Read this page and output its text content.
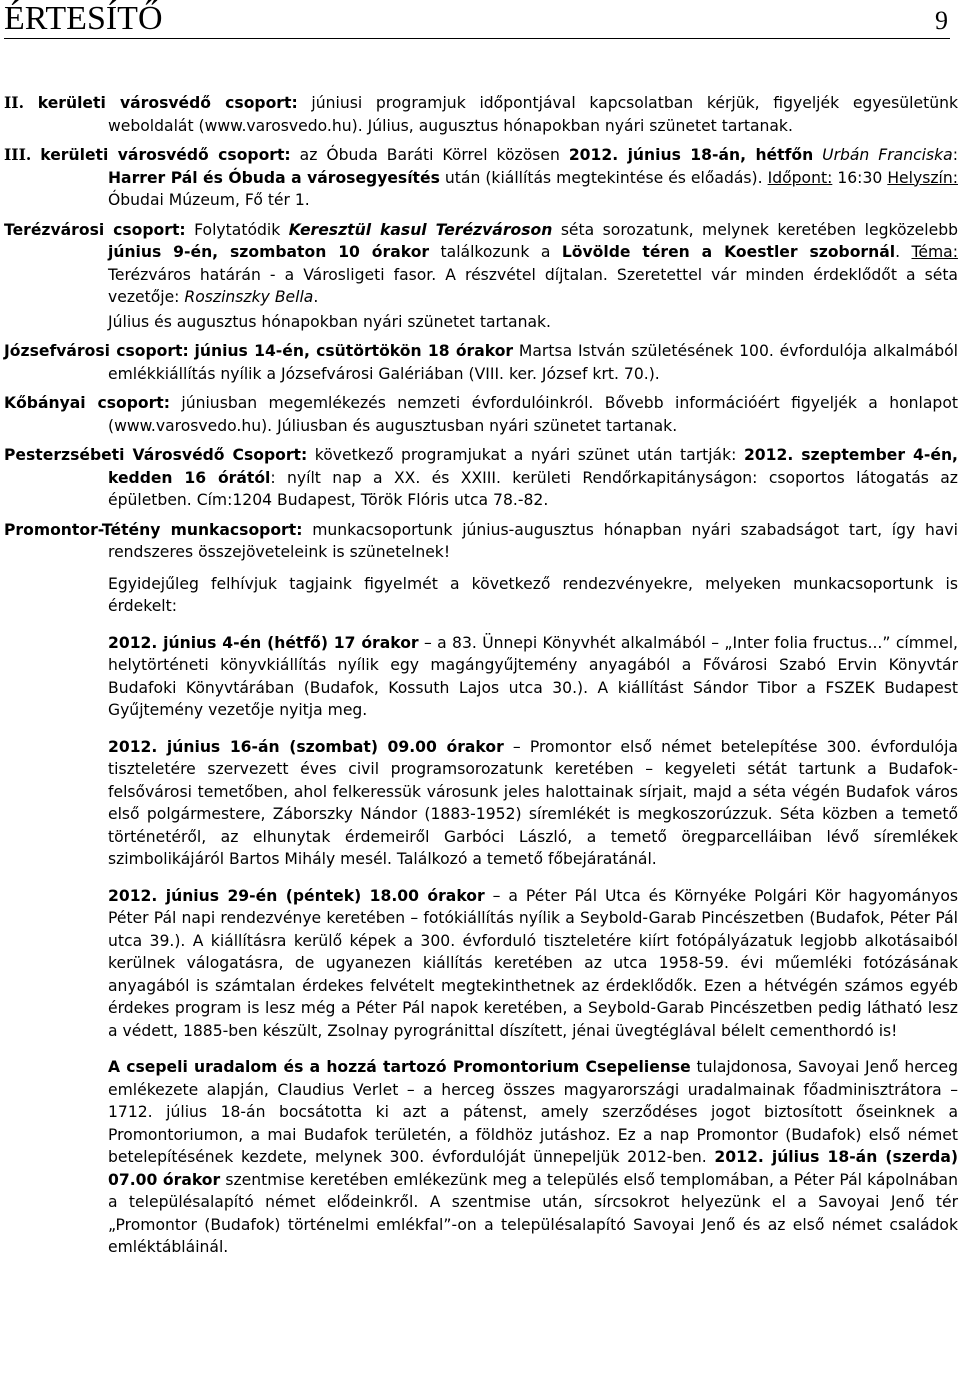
ÉRTESÍTŐ	9

II. kerületi városvédő csoport: júniusi programjuk időpontjával kapcsolatban kérjük, figyeljék egyesületünk weboldalát (www.varosvedo.hu). Július, augusztus hónapokban nyári szünetet tartanak.

III. kerületi városvédő csoport: az Óbuda Baráti Körrel közösen 2012. június 18-án, hétfőn Urbán Franciska: Harrer Pál és Óbuda a városegyesítés után (kiállítás megtekintése és előadás). Időpont: 16:30 Helyszín: Óbudai Múzeum, Fő tér 1.

Terézvárosi csoport: Folytatódik Keresztül kasul Terézvároson séta sorozatunk, melynek keretében legközelebb június 9-én, szombaton 10 órakor találkozunk a Lövölde téren a Koestler szobornál. Téma: Terézváros határán - a Városligeti fasor. A részvétel díjtalan. Szeretettel vár minden érdeklődőt a séta vezetője: Roszinszky Bella.

Július és augusztus hónapokban nyári szünetet tartanak.

Józsefvárosi csoport: június 14-én, csütörtökön 18 órakor Martsa István születésének 100. évfordulója alkalmából emlékkiállítás nyílik a Józsefvárosi Galériában (VIII. ker. József krt. 70.).

Kőbányai csoport: júniusban megemlékezés nemzeti évfordulóinkról. Bővebb információért figyeljék a honlapot (www.varosvedo.hu). Júliusban és augusztusban nyári szünetet tartanak.

Pesterzsébeti Városvédő Csoport: következő programjukat a nyári szünet után tartják: 2012. szeptember 4-én, kedden 16 órától: nyílt nap a XX. és XXIII. kerületi Rendőrkapitányságon: csoportos látogatás az épületben. Cím:1204 Budapest, Török Flóris utca 78.-82.

Promontor-Tétény munkacsoport: munkacsoportunk június-augusztus hónapban nyári szabadságot tart, így havi rendszeres összejöveteleink is szünetelnek!

Egyidejűleg felhívjuk tagjaink figyelmét a következő rendezvényekre, melyeken munkacsoportunk is érdekelt:

2012. június 4-én (hétfő) 17 órakor – a 83. Ünnepi Könyvhét alkalmából – „Inter folia fructus...” címmel, helytörténeti könyvkiállítás nyílik egy magángyűjtemény anyagából a Fővárosi Szabó Ervin Könyvtár Budafoki Könyvtárában (Budafok, Kossuth Lajos utca 30.). A kiállítást Sándor Tibor a FSZEK Budapest Gyűjtemény vezetője nyitja meg.

2012. június 16-án (szombat) 09.00 órakor – Promontor első német betelepítése 300. évfordulója tiszteletére szervezett éves civil programsorozatunk keretében – kegyeleti sétát tartunk a Budafok-felsővárosi temetőben, ahol felkeressük városunk jeles halottainak sírjait, majd a séta végén Budafok város első polgármestere, Záborszky Nándor (1883-1952) síremlékét is megkoszorúzzuk. Séta közben a temető történetéről, az elhunytak érdemeiről Garbóci László, a temető öregparcelláiban lévő síremlékek szimbolikájáról Bartos Mihály mesél. Találkozó a temető főbejáratánál.

2012. június 29-én (péntek) 18.00 órakor – a Péter Pál Utca és Környéke Polgári Kör hagyományos Péter Pál napi rendezvénye keretében – fotókiállítás nyílik a Seybold-Garab Pincészetben (Budafok, Péter Pál utca 39.). A kiállításra kerülő képek a 300. évforduló tiszteletére kiírt fotópályázatuk legjobb alkotásaiból kerülnek válogatásra, de ugyanezen kiállítás keretében az utca 1958-59. évi műemléki fotózásának anyagából is számtalan érdekes felvételt megtekinthetnek az érdeklődők. Ezen a hétvégén számos egyéb érdekes program is lesz még a Péter Pál napok keretében, a Seybold-Garab Pincészetben pedig látható lesz a védett, 1885-ben készült, Zsolnay pyrogránittal díszített, jénai üvegtéglával bélelt cementhordó is!

A csepeli uradalom és a hozzá tartozó Promontorium Csepeliense tulajdonosa, Savoyai Jenő herceg emlékezete alapján, Claudius Verlet – a herceg összes magyarországi uradalmainak főadminisztrátora – 1712. július 18-án bocsátotta ki azt a pátenst, amely szerződéses jogot biztosított őseinknek a Promontoriumon, a mai Budafok területén, a földhöz jutáshoz. Ez a nap Promontor (Budafok) első német betelepítésének kezdete, melynek 300. évfordulóját ünnepeljük 2012-ben. 2012. július 18-án (szerda) 07.00 órakor szentmise keretében emlékezünk meg a település első templomában, a Péter Pál kápolnában a településalapító német elődeinkről. A szentmise után, sírcsokrot helyezünk el a Savoyai Jenő tér „Promontor (Budafok) történelmi emlékfal”-on a településalapító Savoyai Jenő és az első német családok emléktábláinál.
